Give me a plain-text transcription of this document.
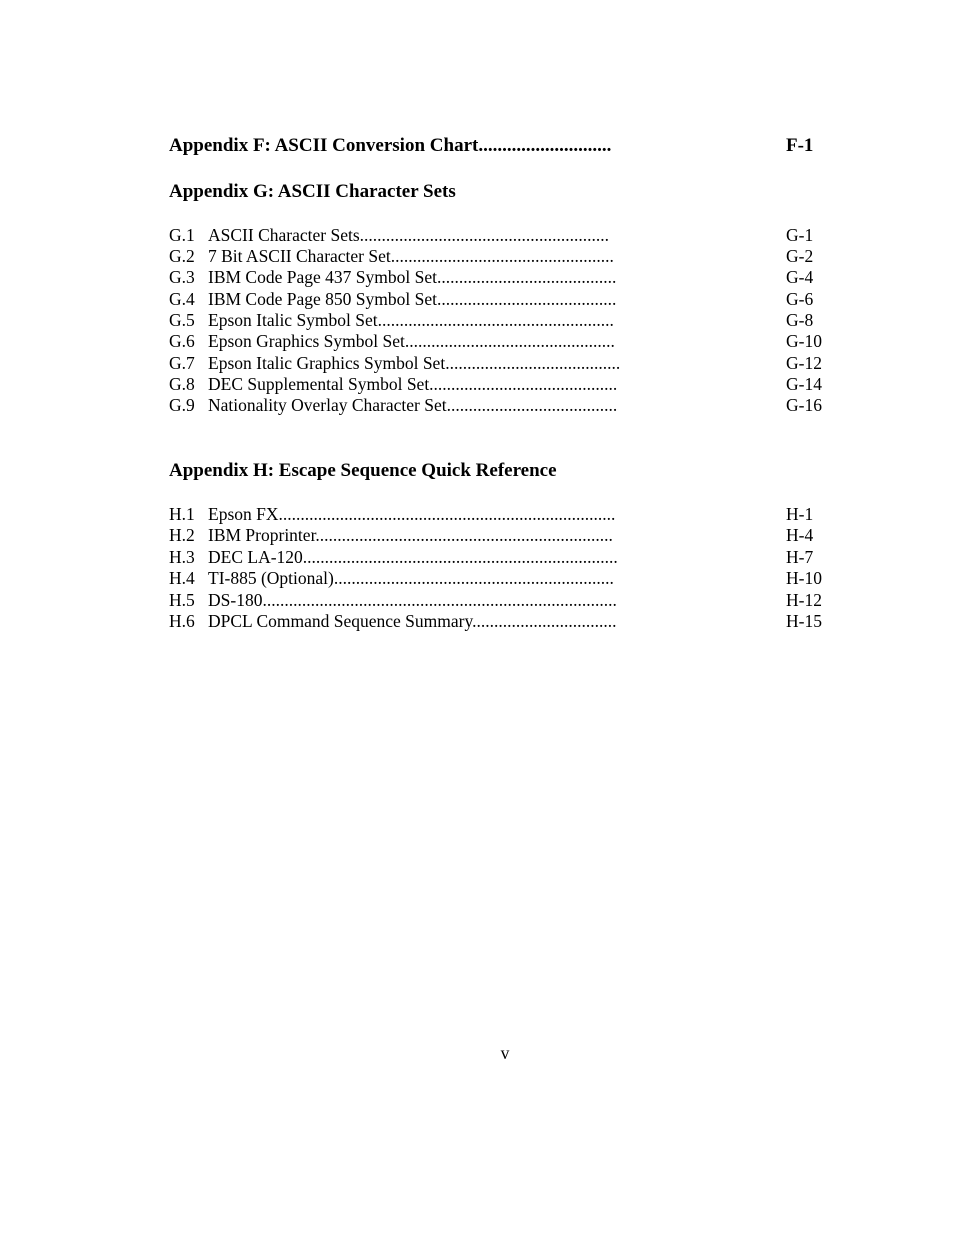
Appendix F: ASCII Conversion Chart............................	F-1
Appendix G: ASCII Character Sets
G.1 ASCII Character Sets.........................................................	G-1
G.2 7 Bit ASCII Character Set...................................................	G-2
G.3 IBM Code Page 437 Symbol Set.........................................	G-4
G.4 IBM Code Page 850 Symbol Set.........................................	G-6
G.5 Epson Italic Symbol Set......................................................	G-8
G.6 Epson Graphics Symbol Set................................................	G-10
G.7 Epson Italic Graphics Symbol Set........................................	G-12
G.8 DEC Supplemental Symbol Set...........................................	G-14
G.9 Nationality Overlay Character Set.......................................	G-16
Appendix H: Escape Sequence Quick Reference
H.1 Epson FX.............................................................................	H-1
H.2 IBM Proprinter....................................................................	H-4
H.3 DEC LA-120........................................................................	H-7
H.4 TI-885 (Optional)................................................................	H-10
H.5 DS-180.................................................................................	H-12
H.6 DPCL Command Sequence Summary.................................	H-15
v
